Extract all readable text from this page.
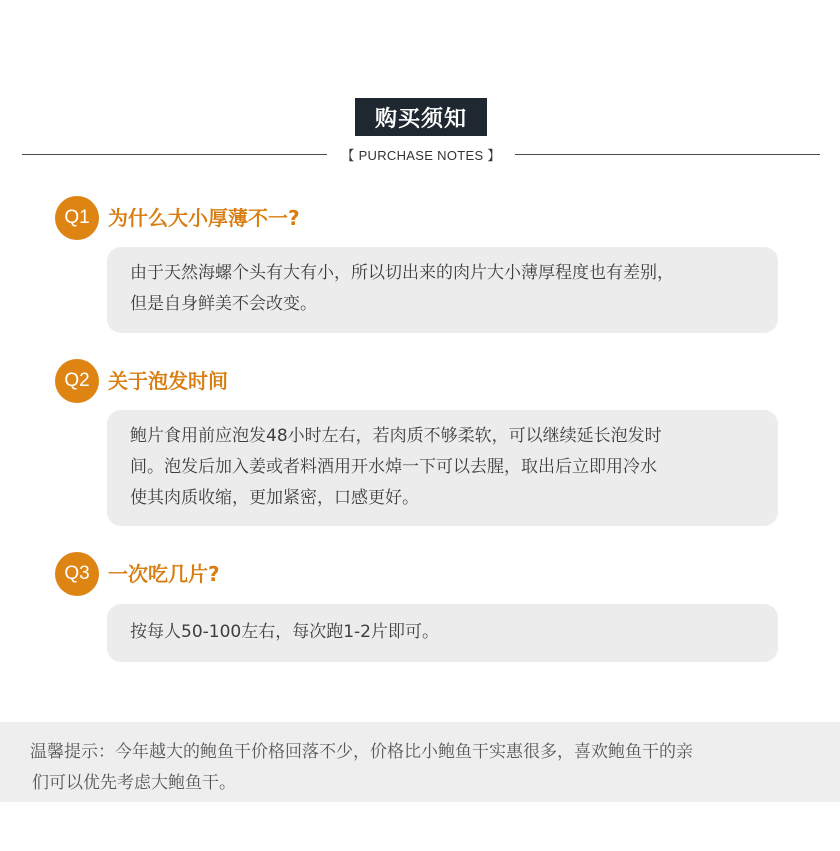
购买须知
【 PURCHASE NOTES 】
Q1 为什么大小厚薄不一?
由于天然海螺个头有大有小，所以切出来的肉片大小薄厚程度也有差别，
但是自身鲜美不会改变。
Q2 关于泡发时间
鲍片食用前应泡发48小时左右，若肉质不够柔软，可以继续延长泡发时
间。泡发后加入姜或者料酒用开水焯一下可以去腥，取出后立即用冷水
使其肉质收缩，更加紧密，口感更好。
Q3 一次吃几片?
按每人50-100左右，每次跑1-2片即可。
温馨提示：今年越大的鲍鱼干价格回落不少，价格比小鲍鱼干实惠很多，喜欢鲍鱼干的亲
们可以优先考虑大鲍鱼干。
